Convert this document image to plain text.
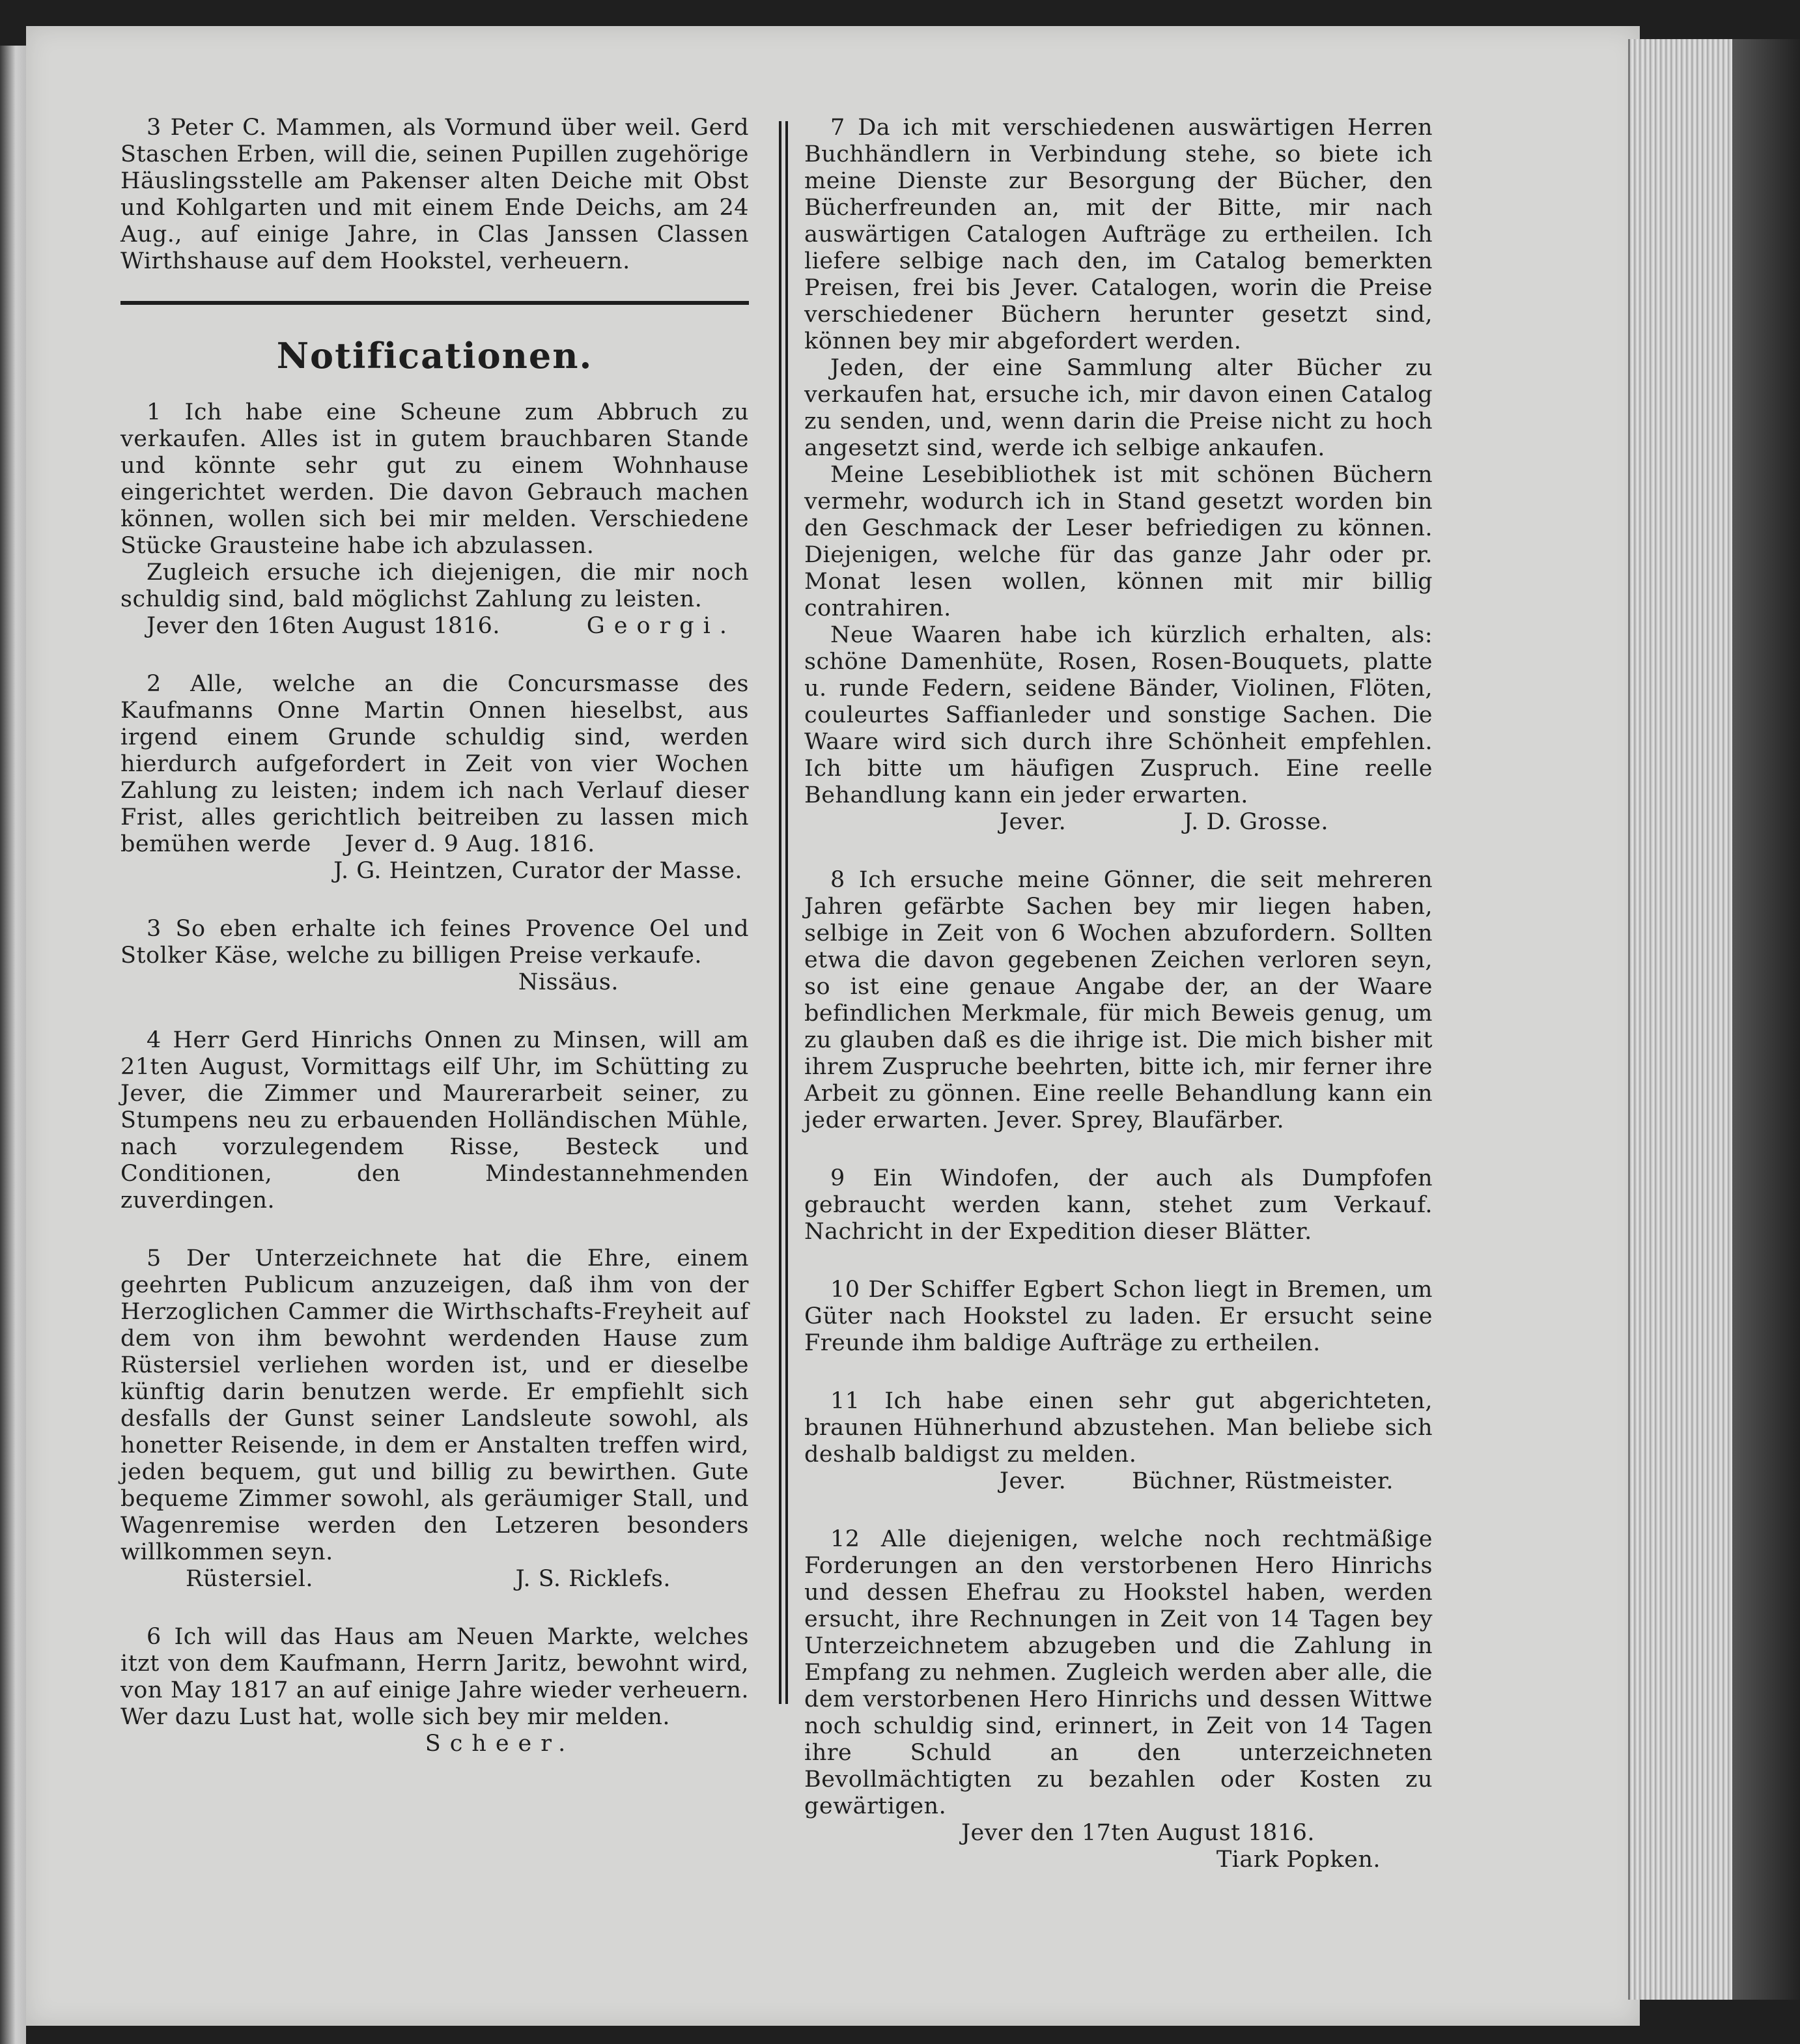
3 Peter C. Mammen, als Vormund über weil. Gerd Staschen Erben, will die, seinen Pupillen zugehörige Häuslingsstelle am Pakenser alten Deiche mit Obst und Kohlgarten und mit einem Ende Deichs, am 24 Aug., auf einige Jahre, in Clas Janssen Classen Wirthshause auf dem Hookstel, verheuern.

Notificationen.

1 Ich habe eine Scheune zum Abbruch zu verkaufen. Alles ist in gutem brauchbaren Stande und könnte sehr gut zu einem Wohnhause eingerichtet werden. Die davon Gebrauch machen können, wollen sich bei mir melden. Verschiedene Stücke Grausteine habe ich abzulassen.

Zugleich ersuche ich diejenigen, die mir noch schuldig sind, bald möglichst Zahlung zu leisten.

Jever den 16ten August 1816.	Georgi.

2 Alle, welche an die Concursmasse des Kaufmanns Onne Martin Onnen hieselbst, aus irgend einem Grunde schuldig sind, werden hierdurch aufgefordert in Zeit von vier Wochen Zahlung zu leisten; indem ich nach Verlauf dieser Frist, alles gerichtlich beitreiben zu lassen mich bemühen werde Jever d. 9 Aug. 1816.

J. G. Heintzen, Curator der Masse.

3 So eben erhalte ich feines Provence Oel und Stolker Käse, welche zu billigen Preise verkaufe.

Nissäus.

4 Herr Gerd Hinrichs Onnen zu Minsen, will am 21ten August, Vormittags eilf Uhr, im Schütting zu Jever, die Zimmer und Maurerarbeit seiner, zu Stumpens neu zu erbauenden Holländischen Mühle, nach vorzulegendem Risse, Besteck und Conditionen, den Mindestannehmenden zuverdingen.

5 Der Unterzeichnete hat die Ehre, einem geehrten Publicum anzuzeigen, daß ihm von der Herzoglichen Cammer die Wirthschafts-Freyheit auf dem von ihm bewohnt werdenden Hause zum Rüstersiel verliehen worden ist, und er dieselbe künftig darin benutzen werde. Er empfiehlt sich desfalls der Gunst seiner Landsleute sowohl, als honetter Reisende, in dem er Anstalten treffen wird, jeden bequem, gut und billig zu bewirthen. Gute bequeme Zimmer sowohl, als geräumiger Stall, und Wagenremise werden den Letzeren besonders willkommen seyn.

Rüstersiel.	J. S. Ricklefs.

6 Ich will das Haus am Neuen Markte, welches itzt von dem Kaufmann, Herrn Jaritz, bewohnt wird, von May 1817 an auf einige Jahre wieder verheuern. Wer dazu Lust hat, wolle sich bey mir melden.

Scheer.

7 Da ich mit verschiedenen auswärtigen Herren Buchhändlern in Verbindung stehe, so biete ich meine Dienste zur Besorgung der Bücher, den Bücherfreunden an, mit der Bitte, mir nach auswärtigen Catalogen Aufträge zu ertheilen. Ich liefere selbige nach den, im Catalog bemerkten Preisen, frei bis Jever. Catalogen, worin die Preise verschiedener Büchern herunter gesetzt sind, können bey mir abgefordert werden.

Jeden, der eine Sammlung alter Bücher zu verkaufen hat, ersuche ich, mir davon einen Catalog zu senden, und, wenn darin die Preise nicht zu hoch angesetzt sind, werde ich selbige ankaufen.

Meine Lesebibliothek ist mit schönen Büchern vermehr, wodurch ich in Stand gesetzt worden bin den Geschmack der Leser befriedigen zu können. Diejenigen, welche für das ganze Jahr oder pr. Monat lesen wollen, können mit mir billig contrahiren.

Neue Waaren habe ich kürzlich erhalten, als: schöne Damenhüte, Rosen, Rosen-Bouquets, platte u. runde Federn, seidene Bänder, Violinen, Flöten, couleurtes Saffianleder und sonstige Sachen. Die Waare wird sich durch ihre Schönheit empfehlen. Ich bitte um häufigen Zuspruch. Eine reelle Behandlung kann ein jeder erwarten.

Jever.	J. D. Grosse.

8 Ich ersuche meine Gönner, die seit mehreren Jahren gefärbte Sachen bey mir liegen haben, selbige in Zeit von 6 Wochen abzufordern. Sollten etwa die davon gegebenen Zeichen verloren seyn, so ist eine genaue Angabe der, an der Waare befindlichen Merkmale, für mich Beweis genug, um zu glauben daß es die ihrige ist. Die mich bisher mit ihrem Zuspruche beehrten, bitte ich, mir ferner ihre Arbeit zu gönnen. Eine reelle Behandlung kann ein jeder erwarten. Jever. Sprey, Blaufärber.

9 Ein Windofen, der auch als Dumpfofen gebraucht werden kann, stehet zum Verkauf. Nachricht in der Expedition dieser Blätter.

10 Der Schiffer Egbert Schon liegt in Bremen, um Güter nach Hookstel zu laden. Er ersucht seine Freunde ihm baldige Aufträge zu ertheilen.

11 Ich habe einen sehr gut abgerichteten, braunen Hühnerhund abzustehen. Man beliebe sich deshalb baldigst zu melden.

Jever.	Büchner, Rüstmeister.

12 Alle diejenigen, welche noch rechtmäßige Forderungen an den verstorbenen Hero Hinrichs und dessen Ehefrau zu Hookstel haben, werden ersucht, ihre Rechnungen in Zeit von 14 Tagen bey Unterzeichnetem abzugeben und die Zahlung in Empfang zu nehmen. Zugleich werden aber alle, die dem verstorbenen Hero Hinrichs und dessen Wittwe noch schuldig sind, erinnert, in Zeit von 14 Tagen ihre Schuld an den unterzeichneten Bevollmächtigten zu bezahlen oder Kosten zu gewärtigen.

Jever den 17ten August 1816.

Tiark Popken.
